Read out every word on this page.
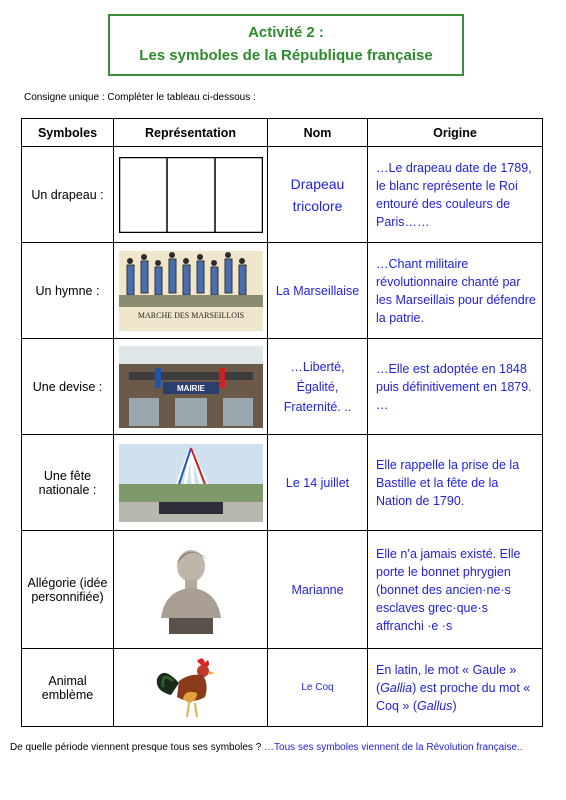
Activité 2 :
Les symboles de la République française
Consigne unique : Compléter le tableau ci-dessous :
Symboles	Représentation	Nom	Origine
Un drapeau :		Drapeau tricolore	…Le drapeau date de 1789, le blanc représente le Roi entouré des couleurs de Paris……
Un hymne :	MARCHE DES MARSEILLOIS	La Marseillaise	…Chant militaire révolutionnaire chanté par les Marseillais pour défendre la patrie.
Une devise :	MAIRIE	…Liberté, Égalité, Fraternité. ..	…Elle est adoptée en 1848 puis définitivement en 1879. …
Une fête nationale :		Le 14 juillet	Elle rappelle la prise de la Bastille et la fête de la Nation de 1790.
Allégorie (idée personnifiée)		Marianne	Elle n’a jamais existé. Elle porte le bonnet phrygien (bonnet des ancien·ne·s esclaves grec·que·s affranchi ·e ·s
Animal emblème		Le Coq	En latin, le mot « Gaule » (Gallia) est proche du mot « Coq » (Gallus)
De quelle période viennent presque tous ses symboles ? …Tous ses symboles viennent de la Révolution française..
